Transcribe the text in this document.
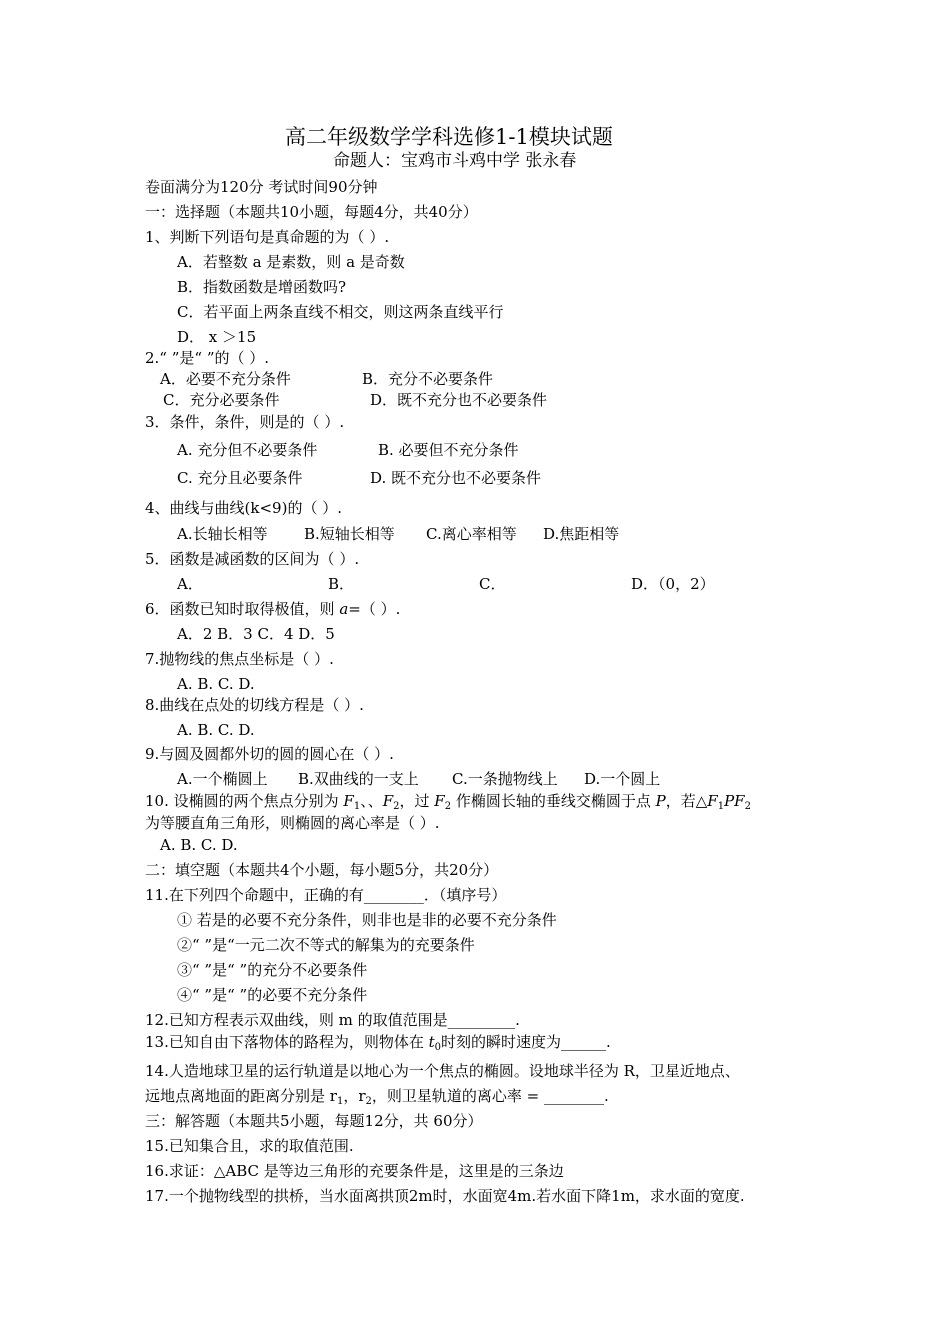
高二年级数学学科选修1-1模块试题
命题人：宝鸡市斗鸡中学 张永春
卷面满分为120分 考试时间90分钟
一：选择题（本题共10小题，每题4分，共40分）
1、判断下列语句是真命题的为（ ）.
A．若整数 a 是素数，则 a 是奇数
B．指数函数是增函数吗?
C．若平面上两条直线不相交，则这两条直线平行
D． x ＞15
2.“ ”是“ ”的（ ）.
A．必要不充分条件	B．充分不必要条件
C．充分必要条件	D．既不充分也不必要条件
3．条件，条件，则是的（ ）.
A. 充分但不必要条件	B. 必要但不充分条件
C. 充分且必要条件	D. 既不充分也不必要条件
4、曲线与曲线(k<9)的（ ）.
A.长轴长相等 B.短轴长相等 C.离心率相等 D.焦距相等
5．函数是减函数的区间为（ ）.
A．	B．	C．	D．（0，2）
6．函数已知时取得极值，则 a=（ ）.
A．2 B．3 C．4 D．5
7.抛物线的焦点坐标是（ ）.
A. B. C. D.
8.曲线在点处的切线方程是（ ）.
A. B. C. D.
9.与圆及圆都外切的圆的圆心在（ ）.
A.一个椭圆上 B.双曲线的一支上 C.一条抛物线上 D.一个圆上
10. 设椭圆的两个焦点分别为 $F_1$、、$F_2$，过 $F_2$ 作椭圆长轴的垂线交椭圆于点 P，若$\triangle F_1PF_2$
为等腰直角三角形，则椭圆的离心率是（ ）.
A. B. C. D.
二：填空题（本题共4个小题，每小题5分，共20分）
11.在下列四个命题中，正确的有________．（填序号）
① 若是的必要不充分条件，则非也是非的必要不充分条件
②“ ”是“一元二次不等式的解集为的充要条件
③“ ”是“ ”的充分不必要条件
④“ ”是“ ”的必要不充分条件
12.已知方程表示双曲线，则 m 的取值范围是_________.
13.已知自由下落物体的路程为，则物体在 $t_0$时刻的瞬时速度为______.
14.人造地球卫星的运行轨道是以地心为一个焦点的椭圆。设地球半径为 R，卫星近地点、
远地点离地面的距离分别是 $r_1$，$r_2$，则卫星轨道的离心率 = ________.
三：解答题（本题共5小题，每题12分，共 60分）
15.已知集合且，求的取值范围.
16.求证：△ABC 是等边三角形的充要条件是，这里是的三条边
17.一个抛物线型的拱桥，当水面离拱顶2m时，水面宽4m.若水面下降1m，求水面的宽度.
